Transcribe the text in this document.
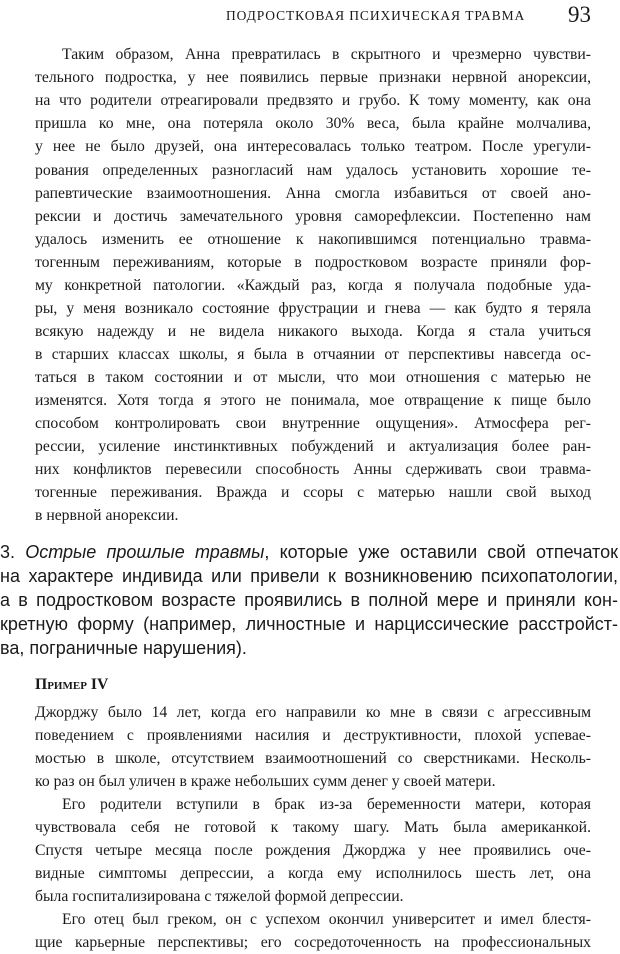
ПОДРОСТКОВАЯ ПСИХИЧЕСКАЯ ТРАВМА 93
Таким образом, Анна превратилась в скрытного и чрезмерно чувстви-
тельного подростка, у нее появились первые признаки нервной анорексии,
на что родители отреагировали предвзято и грубо. К тому моменту, как она
пришла ко мне, она потеряла около 30% веса, была крайне молчалива,
у нее не было друзей, она интересовалась только театром. После урегули-
рования определенных разногласий нам удалось установить хорошие те-
рапевтические взаимоотношения. Анна смогла избавиться от своей ано-
рексии и достичь замечательного уровня саморефлексии. Постепенно нам
удалось изменить ее отношение к накопившимся потенциально травма-
тогенным переживаниям, которые в подростковом возрасте приняли фор-
му конкретной патологии. «Каждый раз, когда я получала подобные уда-
ры, у меня возникало состояние фрустрации и гнева — как будто я теряла
всякую надежду и не видела никакого выхода. Когда я стала учиться
в старших классах школы, я была в отчаянии от перспективы навсегда ос-
таться в таком состоянии и от мысли, что мои отношения с матерью не
изменятся. Хотя тогда я этого не понимала, мое отвращение к пище было
способом контролировать свои внутренние ощущения». Атмосфера рег-
рессии, усиление инстинктивных побуждений и актуализация более ран-
них конфликтов перевесили способность Анны сдерживать свои травма-
тогенные переживания. Вражда и ссоры с матерью нашли свой выход
в нервной анорексии.
3. Острые прошлые травмы, которые уже оставили свой отпечаток
на характере индивида или привели к возникновению психопатологии,
а в подростковом возрасте проявились в полной мере и приняли кон-
кретную форму (например, личностные и нарциссические расстройст-
ва, пограничные нарушения).
Пример IV
Джорджу было 14 лет, когда его направили ко мне в связи с агрессивным
поведением с проявлениями насилия и деструктивности, плохой успевае-
мостью в школе, отсутствием взаимоотношений со сверстниками. Несколь-
ко раз он был уличен в краже небольших сумм денег у своей матери.
Его родители вступили в брак из-за беременности матери, которая
чувствовала себя не готовой к такому шагу. Мать была американкой.
Спустя четыре месяца после рождения Джорджа у нее проявились оче-
видные симптомы депрессии, а когда ему исполнилось шесть лет, она
была госпитализирована с тяжелой формой депрессии.
Его отец был греком, он с успехом окончил университет и имел блестя-
щие карьерные перспективы; его сосредоточенность на профессиональных
